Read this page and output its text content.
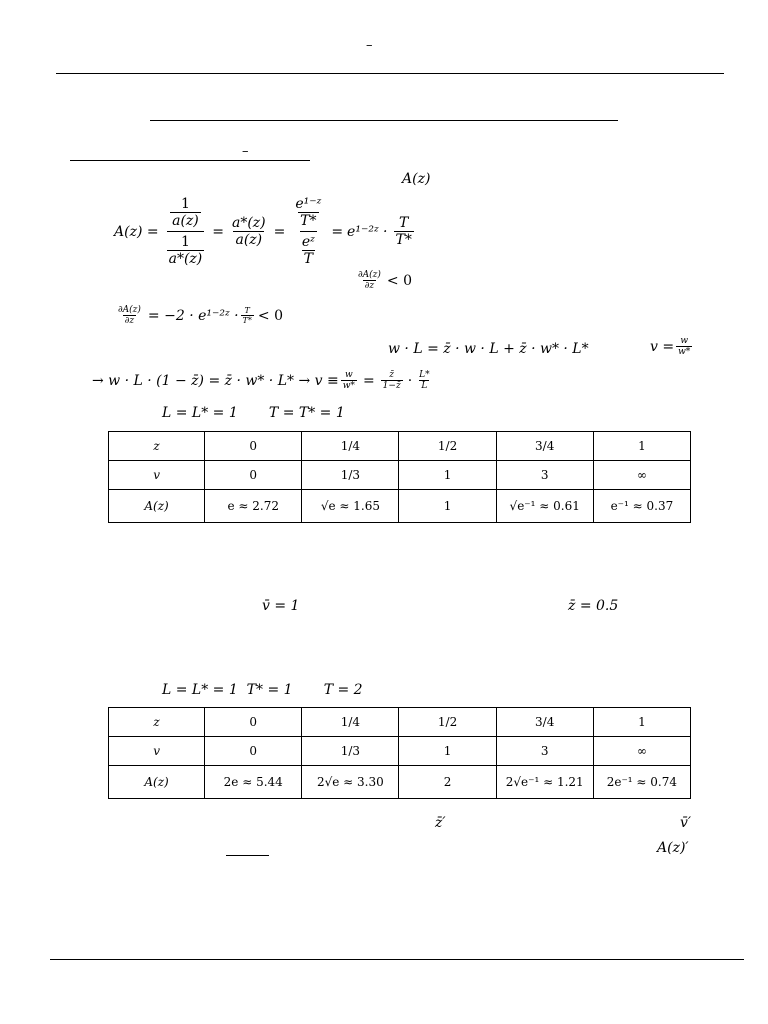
–
–
A(z)
$A(z) = \frac{\frac{1}{a(z)}}{\frac{1}{a*(z)}} = \frac{a*(z)}{a(z)} = \frac{\frac{\text{e¹⁻ᶻ}}{T*}}{\frac{\text{eᶻ}}{T}}$ = e¹⁻²ᶻ · $\frac{T}{T*}$
$\frac{\partial A(z)}{\partial z} < 0$
$\frac{\partial A(z)}{\partial z} = -2$ · e¹⁻²ᶻ · $\frac{T}{T*} < 0$
w · L = z̄ · w · L + z̄ · w* · L*	$v = \frac{w}{w*}$
→ w · L · (1 − z̄) = z̄ · $w* \cdot L* \to v \equiv \frac{w}{w*} = \frac{z̄}{1-z̄} \cdot \frac{L*}{L}$
L = L* = 1       T = T* = 1
z	0	1/4	1/2	3/4	1
v	0	1/3	1	3	∞
A(z)	e ≈ 2.72	√e ≈ 1.65	1	√e⁻¹ ≈ 0.61	e⁻¹ ≈ 0.37
v̄ = 1	z̄ = 0.5
L = L* = 1  T* = 1       T = 2
z	0	1/4	1/2	3/4	1
v	0	1/3	1	3	∞
A(z)	2e ≈ 5.44	2√e ≈ 3.30	2	2√e⁻¹ ≈ 1.21	2e⁻¹ ≈ 0.74
z̄′	v̄′
A(z)′
